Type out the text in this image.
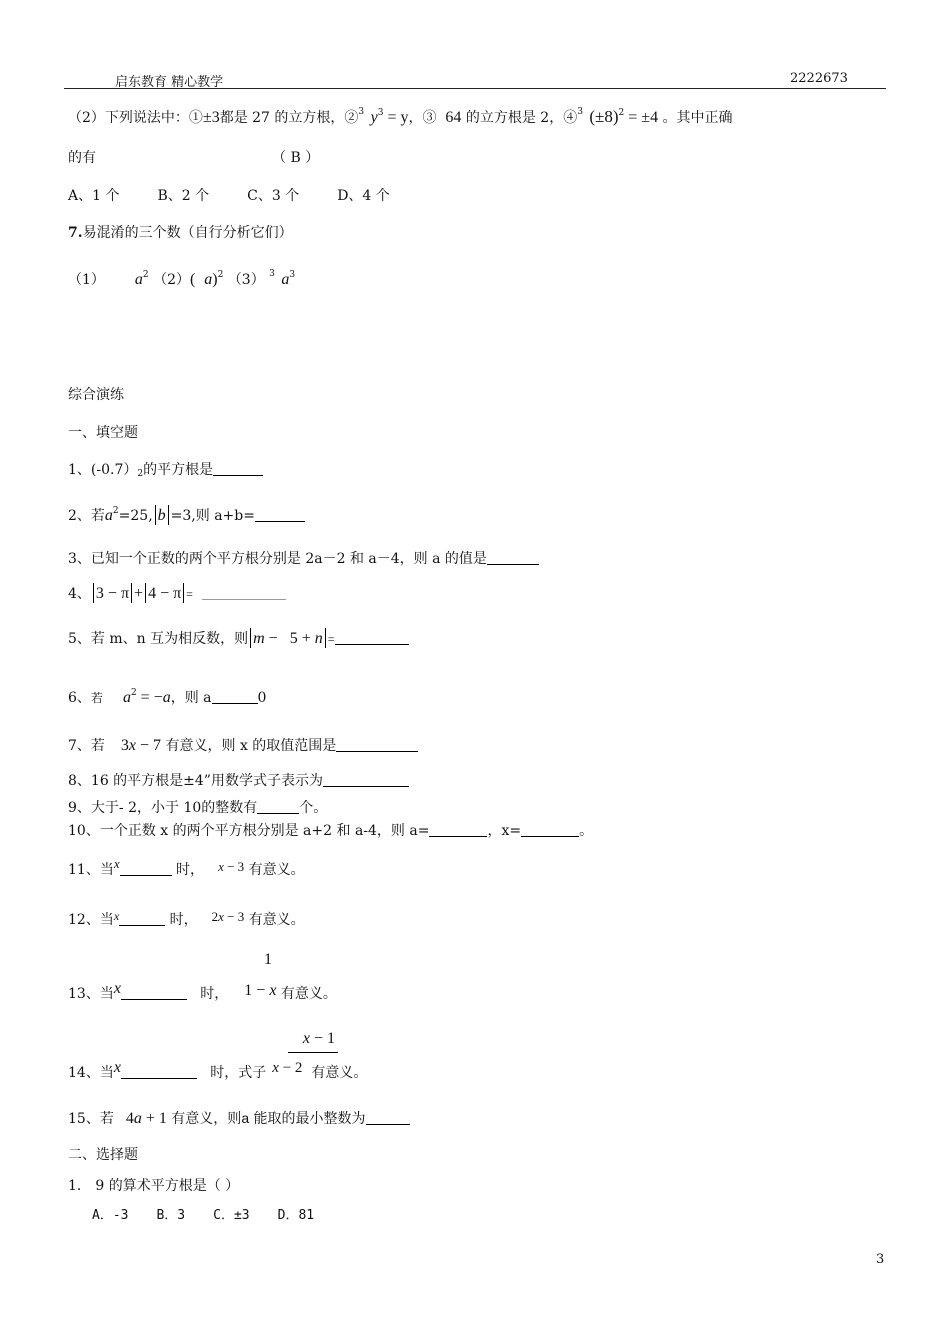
启东教育 精心教学	2222673
（2）下列说法中：①±3都是 27 的立方根，②$^3$ $y^3 = y$，③ 64 的立方根是 2，④$^3$ $(\pm 8)^2 = \pm 4$ 。其中正确
的有	（ B ）
A、1 个	B、2 个	C、3 个	D、4 个
7.易混淆的三个数（自行分析它们）
（1） $a^2$ （2）( a)$^2$ （3） $^3$ $a^3$
综合演练
一、填空题
1、(-0.7）2的平方根是
2、若$a^2=25$, b =3,则 a+b=
3、已知一个正数的两个平方根分别是 2a－2 和 a－4，则 a 的值是
4、 3 − π + 4 − π =
5、若 m、n 互为相反数，则 m − 5 + n =
6、若 $a^2 = -a$，则 a	0
7、若 3x − 7 有意义，则 x 的取值范围是
8、16 的平方根是±4”用数学式子表示为
9、大于- 2，小于 10的整数有	个。
10、一个正数 x 的两个平方根分别是 a+2 和 a-4，则 a=	，x=	。
11、当x	时， x − 3 有意义。
12、当x	时， 2x − 3 有意义。
1
13、当x	时， 1 − x 有意义。
x − 1
14、当x	时，式子 x − 2 有意义。
15、若 4a + 1 有意义，则a 能取的最小整数为
二、选择题
1． 9 的算术平方根是（ ）
A．-3 B．3 C．±3 D．81
3
